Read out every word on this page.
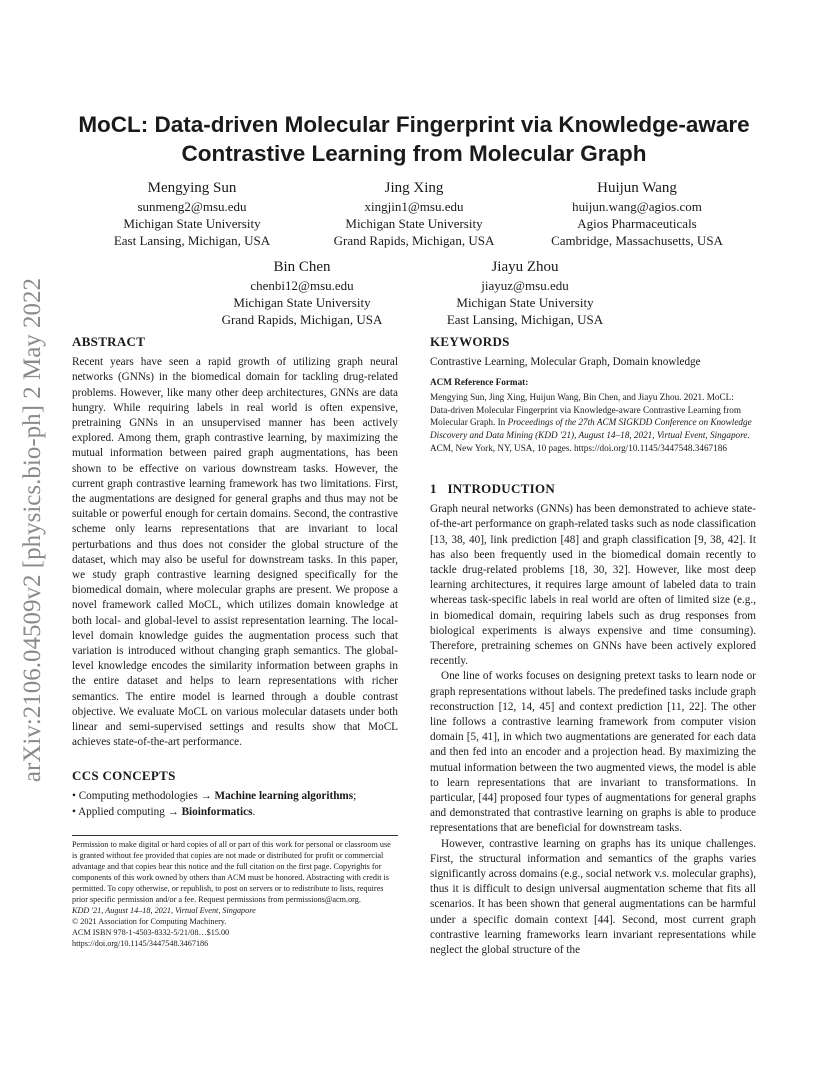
arXiv:2106.04509v2 [physics.bio-ph] 2 May 2022
MoCL: Data-driven Molecular Fingerprint via Knowledge-aware Contrastive Learning from Molecular Graph
Mengying Sun
sunmeng2@msu.edu
Michigan State University
East Lansing, Michigan, USA
Jing Xing
xingjin1@msu.edu
Michigan State University
Grand Rapids, Michigan, USA
Huijun Wang
huijun.wang@agios.com
Agios Pharmaceuticals
Cambridge, Massachusetts, USA
Bin Chen
chenbi12@msu.edu
Michigan State University
Grand Rapids, Michigan, USA
Jiayu Zhou
jiayuz@msu.edu
Michigan State University
East Lansing, Michigan, USA
ABSTRACT

Recent years have seen a rapid growth of utilizing graph neural networks (GNNs) in the biomedical domain for tackling drug-related problems. However, like many other deep architectures, GNNs are data hungry. While requiring labels in real world is often expensive, pretraining GNNs in an unsupervised manner has been actively explored. Among them, graph contrastive learning, by maximizing the mutual information between paired graph augmentations, has been shown to be effective on various downstream tasks. However, the current graph contrastive learning framework has two limitations. First, the augmentations are designed for general graphs and thus may not be suitable or powerful enough for certain domains. Second, the contrastive scheme only learns representations that are invariant to local perturbations and thus does not consider the global structure of the dataset, which may also be useful for downstream tasks. In this paper, we study graph contrastive learning designed specifically for the biomedical domain, where molecular graphs are present. We propose a novel framework called MoCL, which utilizes domain knowledge at both local- and global-level to assist representation learning. The local-level domain knowledge guides the augmentation process such that variation is introduced without changing graph semantics. The global-level knowledge encodes the similarity information between graphs in the entire dataset and helps to learn representations with richer semantics. The entire model is learned through a double contrast objective. We evaluate MoCL on various molecular datasets under both linear and semi-supervised settings and results show that MoCL achieves state-of-the-art performance.

CCS CONCEPTS
• Computing methodologies → Machine learning algorithms;
• Applied computing → Bioinformatics.
Permission to make digital or hard copies of all or part of this work for personal or classroom use is granted without fee provided that copies are not made or distributed for profit or commercial advantage and that copies bear this notice and the full citation on the first page. Copyrights for components of this work owned by others than ACM must be honored. Abstracting with credit is permitted. To copy otherwise, or republish, to post on servers or to redistribute to lists, requires prior specific permission and/or a fee. Request permissions from permissions@acm.org.
KDD '21, August 14–18, 2021, Virtual Event, Singapore
© 2021 Association for Computing Machinery.
ACM ISBN 978-1-4503-8332-5/21/08…$15.00
https://doi.org/10.1145/3447548.3467186
KEYWORDS

Contrastive Learning, Molecular Graph, Domain knowledge

ACM Reference Format:

Mengying Sun, Jing Xing, Huijun Wang, Bin Chen, and Jiayu Zhou. 2021. MoCL: Data-driven Molecular Fingerprint via Knowledge-aware Contrastive Learning from Molecular Graph. In Proceedings of the 27th ACM SIGKDD Conference on Knowledge Discovery and Data Mining (KDD '21), August 14–18, 2021, Virtual Event, Singapore. ACM, New York, NY, USA, 10 pages. https://doi.org/10.1145/3447548.3467186

1   INTRODUCTION

Graph neural networks (GNNs) has been demonstrated to achieve state-of-the-art performance on graph-related tasks such as node classification [13, 38, 40], link prediction [48] and graph classification [9, 38, 42]. It has also been frequently used in the biomedical domain recently to tackle drug-related problems [18, 30, 32]. However, like most deep learning architectures, it requires large amount of labeled data to train whereas task-specific labels in real world are often of limited size (e.g., in biomedical domain, requiring labels such as drug responses from biological experiments is always expensive and time consuming). Therefore, pretraining schemes on GNNs have been actively explored recently.

One line of works focuses on designing pretext tasks to learn node or graph representations without labels. The predefined tasks include graph reconstruction [12, 14, 45] and context prediction [11, 22]. The other line follows a contrastive learning framework from computer vision domain [5, 41], in which two augmentations are generated for each data and then fed into an encoder and a projection head. By maximizing the mutual information between the two augmented views, the model is able to learn representations that are invariant to transformations. In particular, [44] proposed four types of augmentations for general graphs and demonstrated that contrastive learning on graphs is able to produce representations that are beneficial for downstream tasks.

However, contrastive learning on graphs has its unique challenges. First, the structural information and semantics of the graphs varies significantly across domains (e.g., social network v.s. molecular graphs), thus it is difficult to design universal augmentation scheme that fits all scenarios. It has been shown that general augmentations can be harmful under a specific domain context [44]. Second, most current graph contrastive learning frameworks learn invariant representations while neglect the global structure of the
